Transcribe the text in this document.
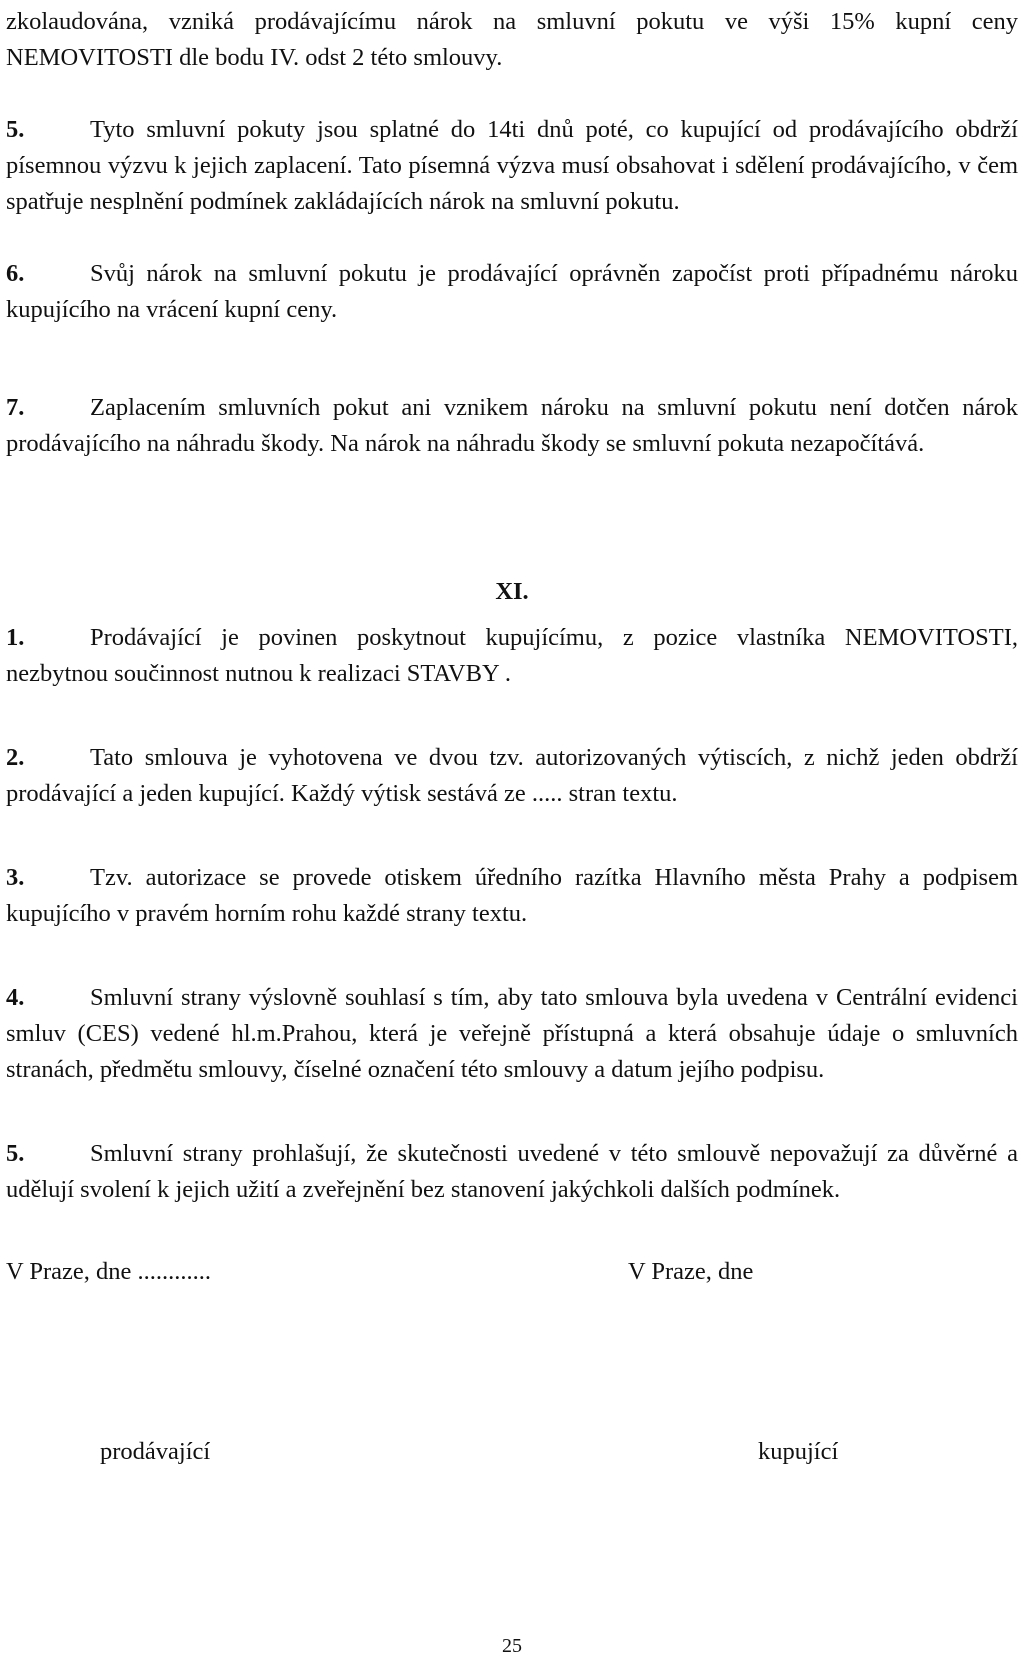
zkolaudována, vzniká prodávajícímu nárok na smluvní pokutu ve výši 15% kupní ceny NEMOVITOSTI dle bodu IV. odst 2 této smlouvy.
5.	Tyto smluvní pokuty jsou splatné do 14ti dnů poté, co kupující od prodávajícího obdrží písemnou výzvu k jejich zaplacení. Tato písemná výzva musí obsahovat i sdělení prodávajícího, v čem spatřuje nesplnění podmínek zakládajících nárok na smluvní pokutu.
6.	Svůj nárok na smluvní pokutu je prodávající oprávněn započíst proti případnému nároku kupujícího na vrácení kupní ceny.
7.	Zaplacením smluvních pokut ani vznikem nároku na smluvní pokutu není dotčen nárok prodávajícího na náhradu škody. Na nárok na náhradu škody se smluvní pokuta nezapočítává.
XI.
1.	Prodávající je povinen poskytnout kupujícímu, z pozice vlastníka NEMOVITOSTI, nezbytnou součinnost nutnou k realizaci STAVBY .
2.	Tato smlouva je vyhotovena ve dvou tzv. autorizovaných výtiscích, z nichž jeden obdrží prodávající a jeden kupující. Každý výtisk sestává ze ..... stran textu.
3.	Tzv. autorizace se provede otiskem úředního razítka Hlavního města Prahy a podpisem kupujícího v pravém horním rohu každé strany textu.
4.	Smluvní strany výslovně souhlasí s tím, aby tato smlouva byla uvedena v Centrální evidenci smluv (CES) vedené hl.m.Prahou, která je veřejně přístupná a která obsahuje údaje o smluvních stranách, předmětu smlouvy, číselné označení této smlouvy a datum jejího podpisu.
5.	Smluvní strany prohlašují, že skutečnosti uvedené v této smlouvě nepovažují za důvěrné a udělují svolení k jejich užití a zveřejnění bez stanovení jakýchkoli dalších podmínek.
V Praze, dne ............	V Praze, dne
prodávající	kupující
25
